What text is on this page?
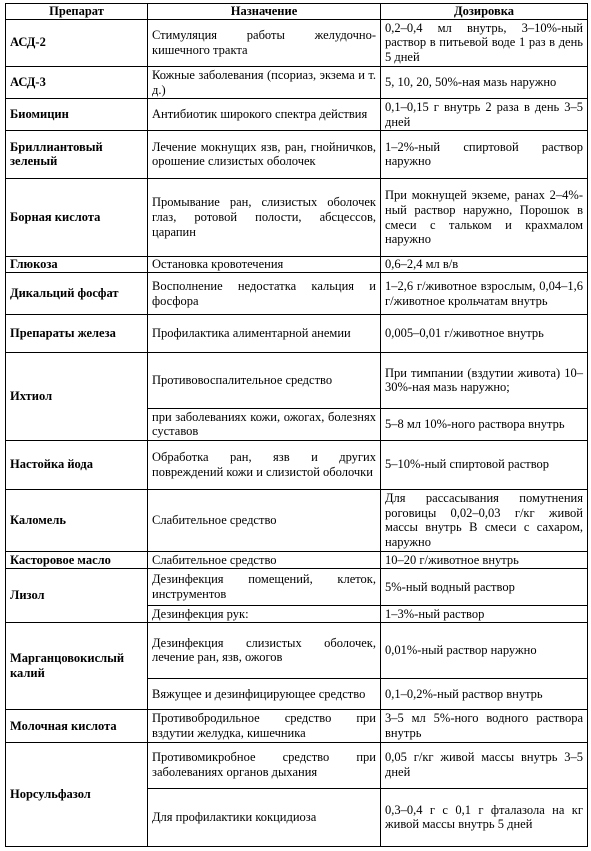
Препарат	Назначение	Дозировка
АСД-2	Стимуляция работы желудочно-кишечного тракта	0,2–0,4 мл внутрь, 3–10%-ный раствор в питьевой воде 1 раз в день 5 дней
АСД-3	Кожные заболевания (псориаз, экзема и т. д.)	5, 10, 20, 50%-ная мазь наружно
Биомицин	Антибиотик широкого спектра действия	0,1–0,15 г внутрь 2 раза в день 3–5 дней
Бриллиантовый зеленый	Лечение мокнущих язв, ран, гнойничков, орошение слизистых оболочек	1–2%-ный спиртовой раствор наружно
Борная кислота	Промывание ран, слизистых оболочек глаз, ротовой полости, абсцессов, царапин	При мокнущей экземе, ранах 2–4%-ный раствор наружно, Порошок в смеси с тальком и крахмалом наружно
Глюкоза	Остановка кровотечения	0,6–2,4 мл в/в
Дикальций фосфат	Восполнение недостатка кальция и фосфора	1–2,6 г/животное взрослым, 0,04–1,6 г/животное крольчатам внутрь
Препараты железа	Профилактика алиментарной анемии	0,005–0,01 г/животное внутрь
Ихтиол	Противовоспалительное средство	При тимпании (вздутии живота) 10–30%-ная мазь наружно;
	при заболеваниях кожи, ожогах, болезнях суставов	5–8 мл 10%-ного раствора внутрь
Настойка йода	Обработка ран, язв и других повреждений кожи и слизистой оболочки	5–10%-ный спиртовой раствор
Каломель	Слабительное средство	Для рассасывания помутнения роговицы 0,02–0,03 г/кг живой массы внутрь В смеси с сахаром, наружно
Касторовое масло	Слабительное средство	10–20 г/животное внутрь
Лизол	Дезинфекция помещений, клеток, инструментов	5%-ный водный раствор
	Дезинфекция рук:	1–3%-ный раствор
Марганцовокислый калий	Дезинфекция слизистых оболочек, лечение ран, язв, ожогов	0,01%-ный раствор наружно
	Вяжущее и дезинфицирующее средство	0,1–0,2%-ный раствор внутрь
Молочная кислота	Противобродильное средство при вздутии желудка, кишечника	3–5 мл 5%-ного водного раствора внутрь
Норсульфазол	Противомикробное средство при заболеваниях органов дыхания	0,05 г/кг живой массы внутрь 3–5 дней
	Для профилактики кокцидиоза	0,3–0,4 г с 0,1 г фталазола на кг живой массы внутрь 5 дней
